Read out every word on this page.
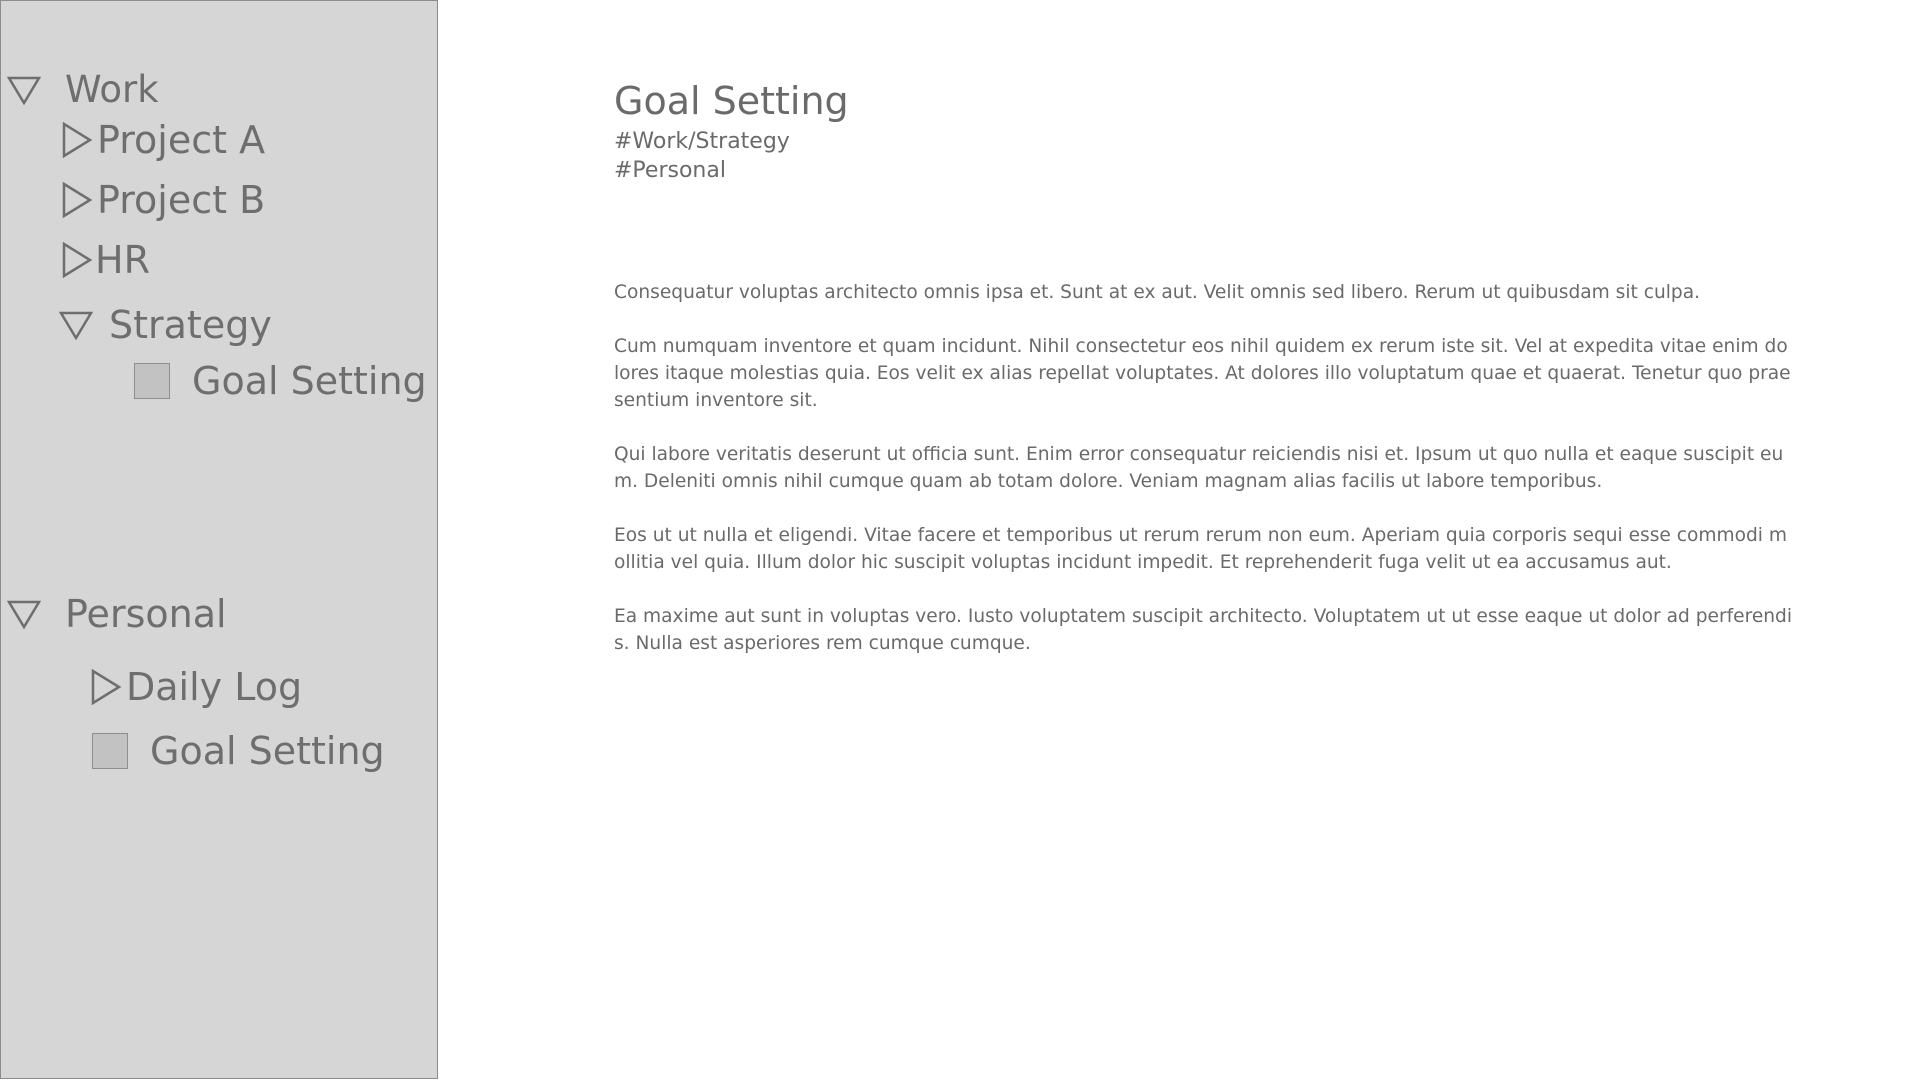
Work
Project A
Project B
HR
Strategy
Goal Setting
Personal
Daily Log
Goal Setting
Goal Setting
#Work/Strategy
#Personal

Consequatur voluptas architecto omnis ipsa et. Sunt at ex aut. Velit omnis sed libero. Rerum ut quibusdam sit culpa.

Cum numquam inventore et quam incidunt. Nihil consectetur eos nihil quidem ex rerum iste sit. Vel at expedita vitae enim dolores itaque molestias quia. Eos velit ex alias repellat voluptates. At dolores illo voluptatum quae et quaerat. Tenetur quo praesentium inventore sit.

Qui labore veritatis deserunt ut officia sunt. Enim error consequatur reiciendis nisi et. Ipsum ut quo nulla et eaque suscipit eum. Deleniti omnis nihil cumque quam ab totam dolore. Veniam magnam alias facilis ut labore temporibus.

Eos ut ut nulla et eligendi. Vitae facere et temporibus ut rerum rerum non eum. Aperiam quia corporis sequi esse commodi mollitia vel quia. Illum dolor hic suscipit voluptas incidunt impedit. Et reprehenderit fuga velit ut ea accusamus aut.

Ea maxime aut sunt in voluptas vero. Iusto voluptatem suscipit architecto. Voluptatem ut ut esse eaque ut dolor ad perferendis. Nulla est asperiores rem cumque cumque.
